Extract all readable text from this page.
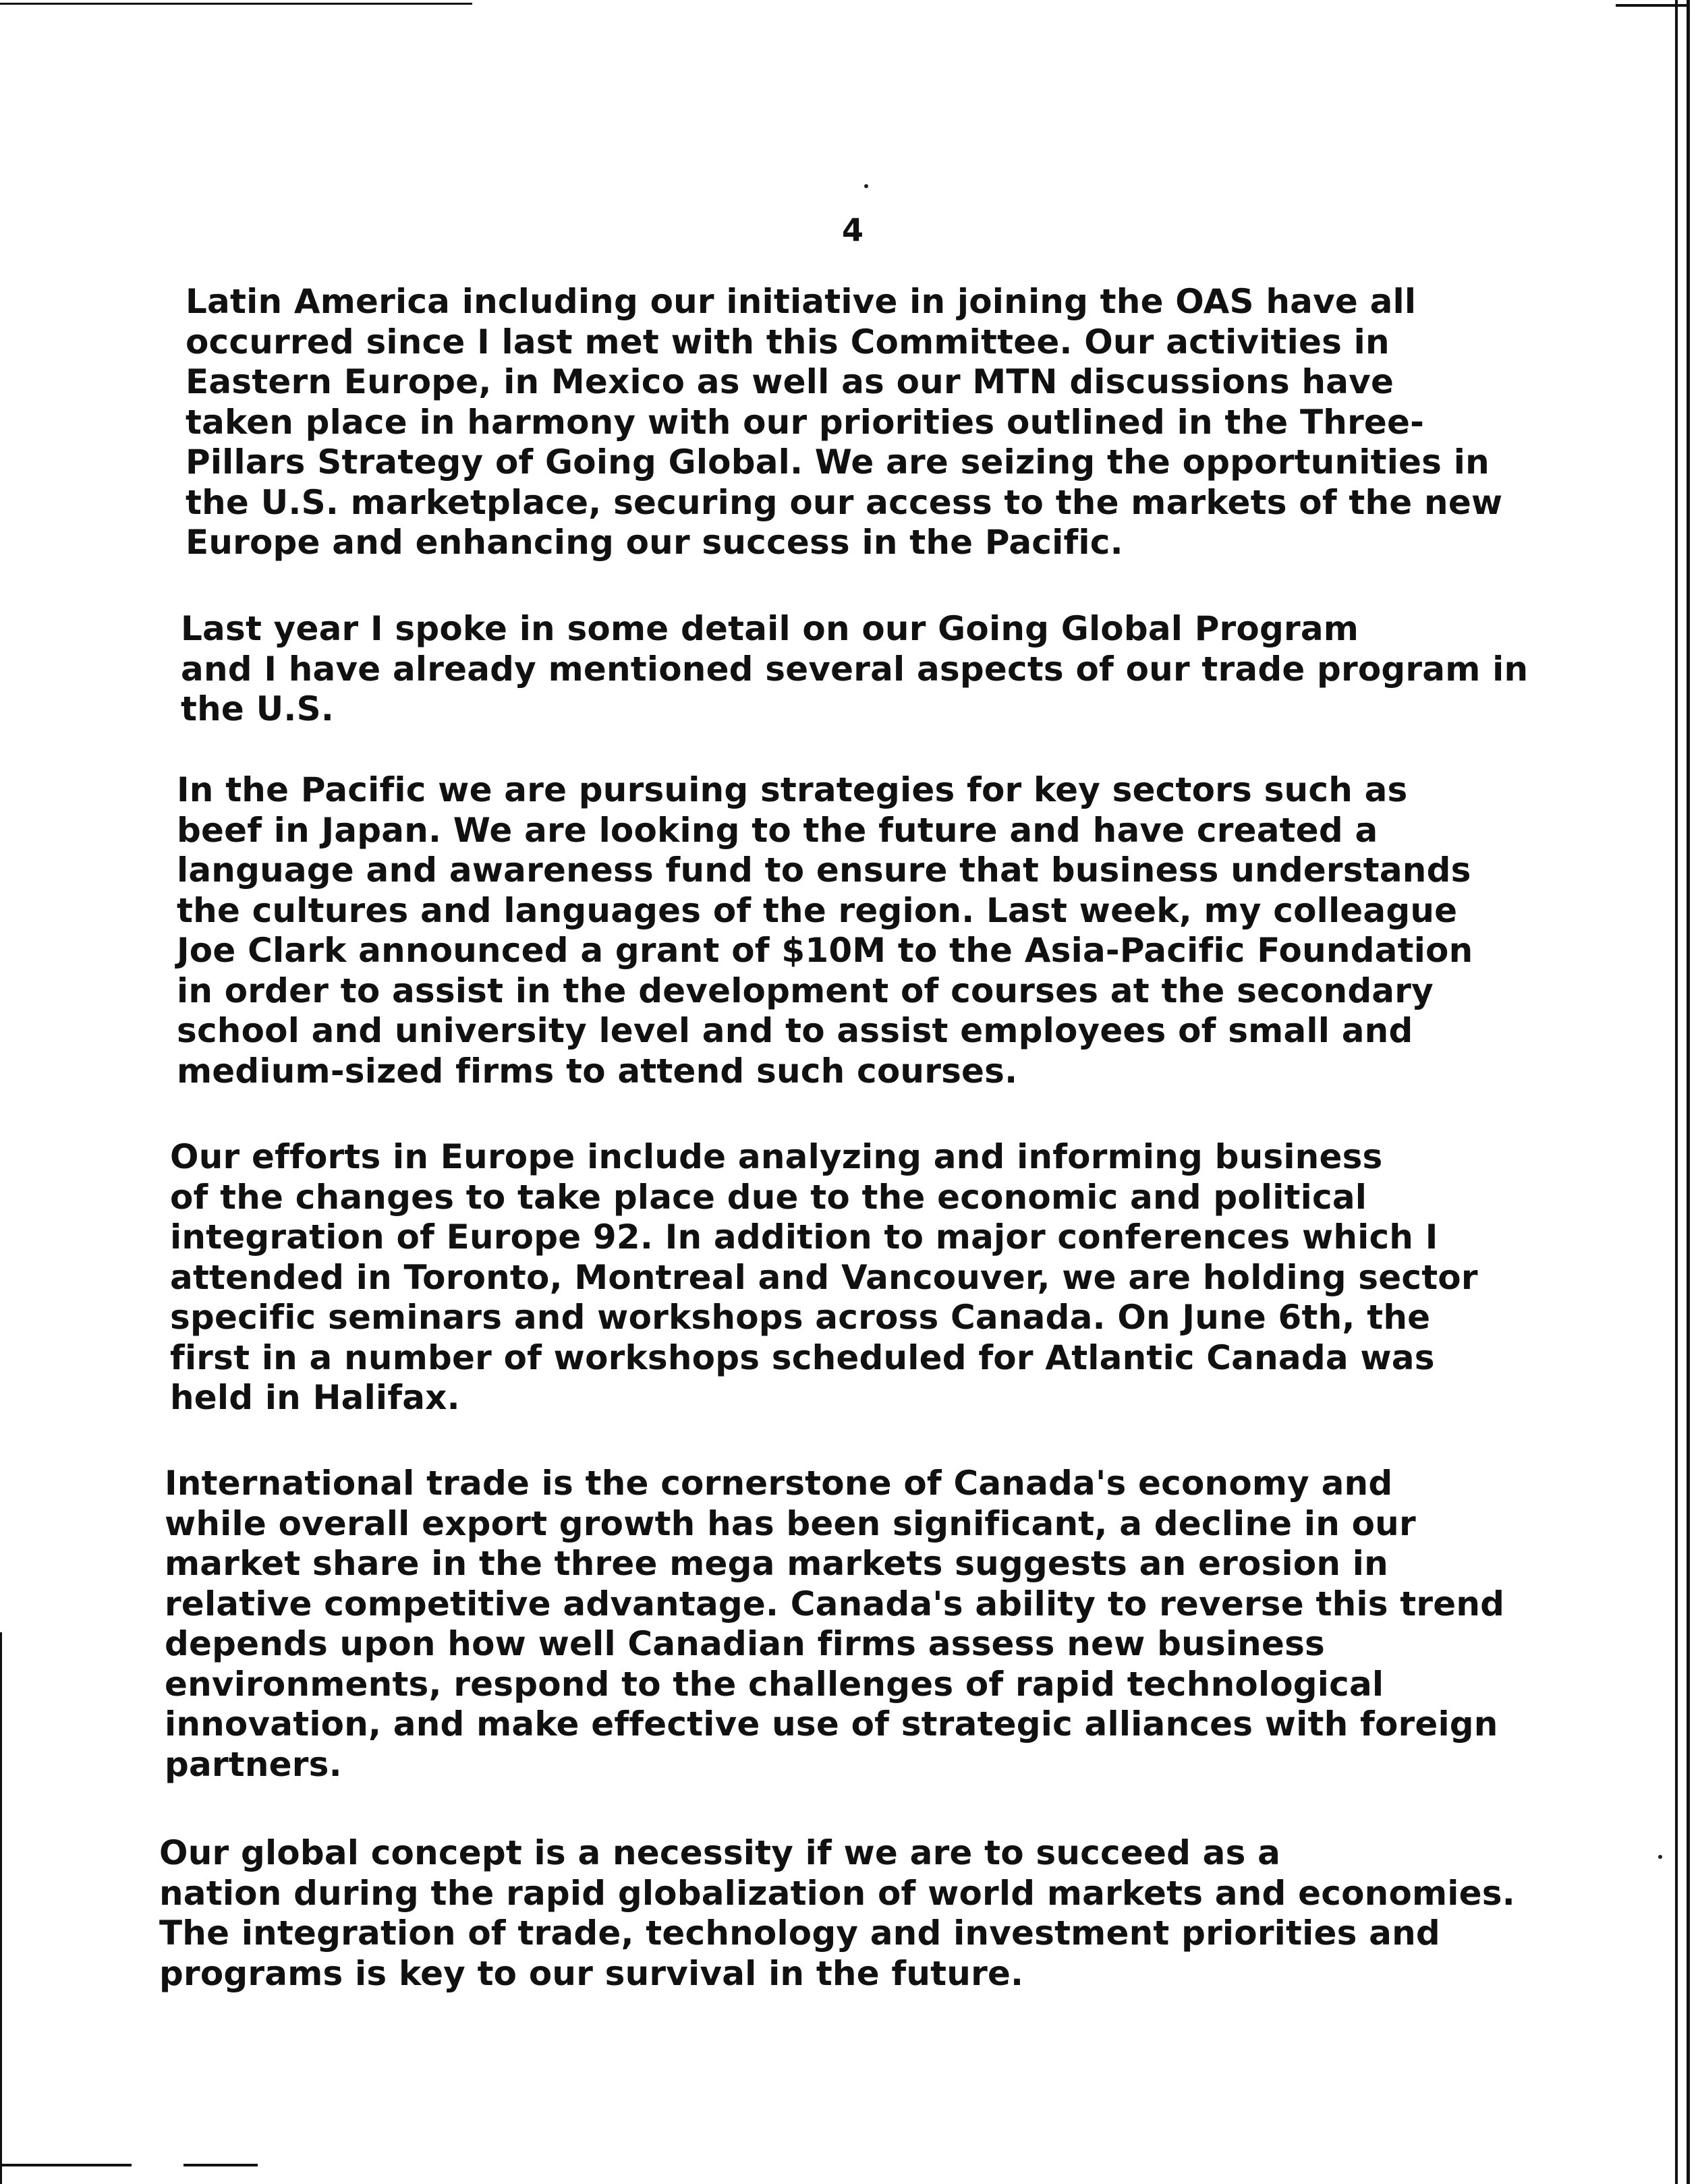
4

Latin America including our initiative in joining the OAS have all
occurred since I last met with this Committee. Our activities in
Eastern Europe, in Mexico as well as our MTN discussions have
taken place in harmony with our priorities outlined in the Three-
Pillars Strategy of Going Global. We are seizing the opportunities in
the U.S. marketplace, securing our access to the markets of the new
Europe and enhancing our success in the Pacific.

Last year I spoke in some detail on our Going Global Program
and I have already mentioned several aspects of our trade program in
the U.S.

In the Pacific we are pursuing strategies for key sectors such as
beef in Japan. We are looking to the future and have created a
language and awareness fund to ensure that business understands
the cultures and languages of the region. Last week, my colleague
Joe Clark announced a grant of $10M to the Asia-Pacific Foundation
in order to assist in the development of courses at the secondary
school and university level and to assist employees of small and
medium-sized firms to attend such courses.

Our efforts in Europe include analyzing and informing business
of the changes to take place due to the economic and political
integration of Europe 92. In addition to major conferences which I
attended in Toronto, Montreal and Vancouver, we are holding sector
specific seminars and workshops across Canada. On June 6th, the
first in a number of workshops scheduled for Atlantic Canada was
held in Halifax.

International trade is the cornerstone of Canada's economy and
while overall export growth has been significant, a decline in our
market share in the three mega markets suggests an erosion in
relative competitive advantage. Canada's ability to reverse this trend
depends upon how well Canadian firms assess new business
environments, respond to the challenges of rapid technological
innovation, and make effective use of strategic alliances with foreign
partners.

Our global concept is a necessity if we are to succeed as a
nation during the rapid globalization of world markets and economies.
The integration of trade, technology and investment priorities and
programs is key to our survival in the future.
